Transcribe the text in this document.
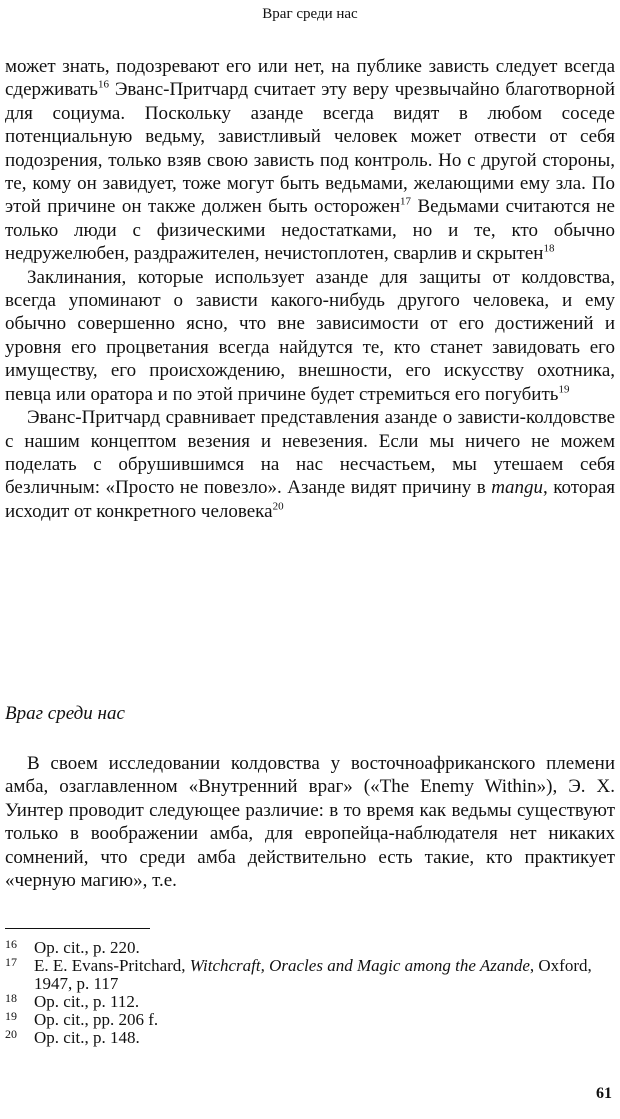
Враг среди нас

может знать, подозревают его или нет, на публике зависть следует всегда сдерживать$^{16}$ Эванс-Притчард считает эту веру чрезвычайно благотворной для социума. Поскольку азанде всегда видят в любом соседе потенциальную ведьму, завистливый человек может отвести от себя подозрения, только взяв свою зависть под контроль. Но с другой стороны, те, кому он завидует, тоже могут быть ведьмами, желающими ему зла. По этой причине он также должен быть осторожен$^{17}$ Ведьмами считаются не только люди с физическими недостатками, но и те, кто обычно недружелюбен, раздражителен, нечистоплотен, сварлив и скрытен$^{18}$

Заклинания, которые использует азанде для защиты от колдовства, всегда упоминают о зависти какого-нибудь другого человека, и ему обычно совершенно ясно, что вне зависимости от его достижений и уровня его процветания всегда найдутся те, кто станет завидовать его имуществу, его происхождению, внешности, его искусству охотника, певца или оратора и по этой причине будет стремиться его погубить$^{19}$

Эванс-Притчард сравнивает представления азанде о зависти-колдовстве с нашим концептом везения и невезения. Если мы ничего не можем поделать с обрушившимся на нас несчастьем, мы утешаем себя безличным: «Просто не повезло». Азанде видят причину в mangu, которая исходит от конкретного человека$^{20}$

Враг среди нас

В своем исследовании колдовства у восточноафриканского племени амба, озаглавленном «Внутренний враг» («The Enemy Within»), Э. Х. Уинтер проводит следующее различие: в то время как ведьмы существуют только в воображении амба, для европейца-наблюдателя нет никаких сомнений, что среди амба действительно есть такие, кто практикует «черную магию», т.е.

16 Op. cit., p. 220.
17 E. E. Evans-Pritchard, Witchcraft, Oracles and Magic among the Azande, Oxford, 1947, p. 117
18 Op. cit., p. 112.
19 Op. cit., pp. 206 f.
20 Op. cit., p. 148.
61
